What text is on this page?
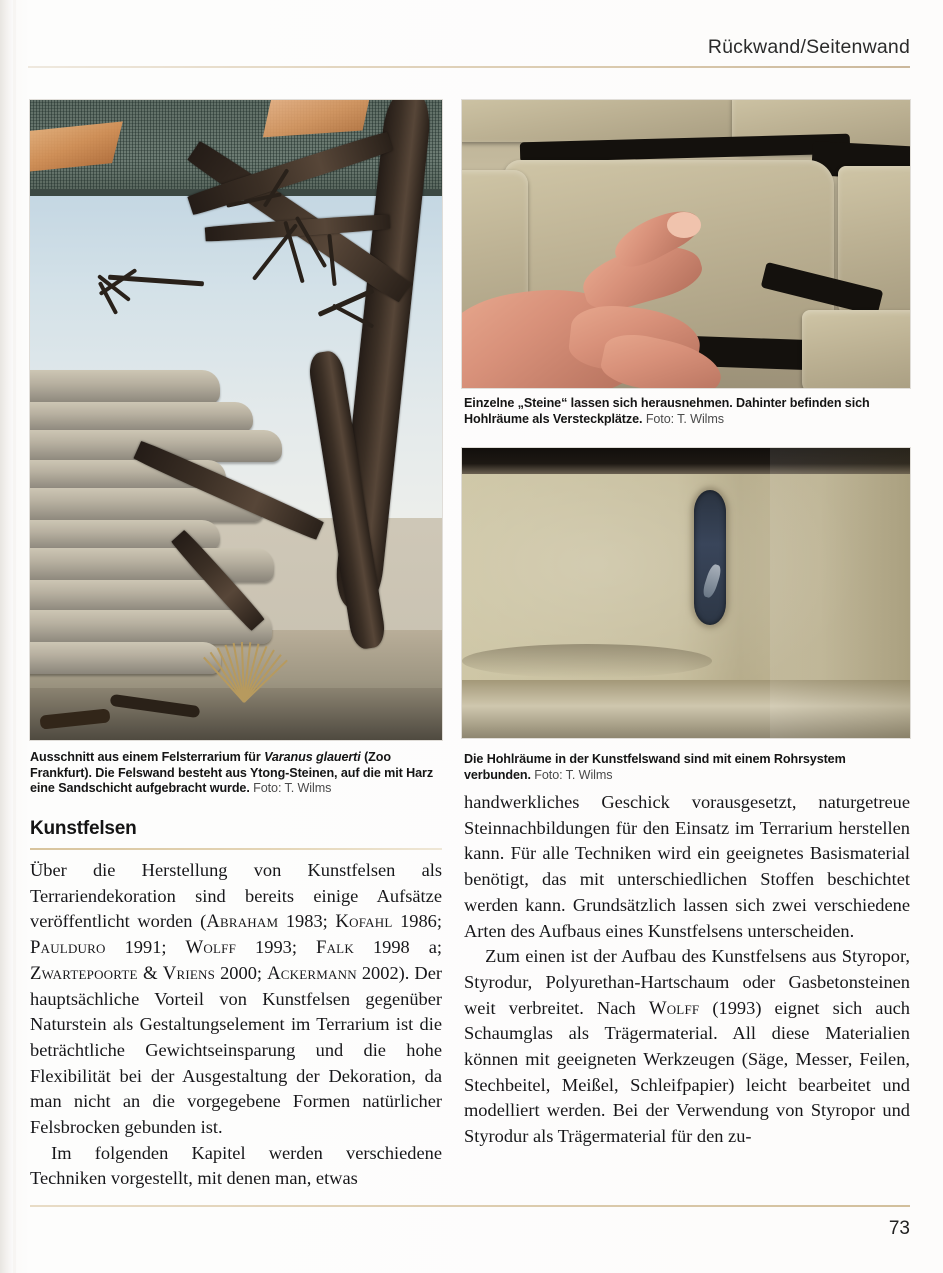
Rückwand/Seitenwand
Einzelne „Steine“ lassen sich herausnehmen. Dahinter befinden sich Hohlräume als Versteckplätze. Foto: T. Wilms
Die Hohlräume in der Kunstfelswand sind mit einem Rohrsystem verbunden. Foto: T. Wilms
Ausschnitt aus einem Felsterrarium für Varanus glauerti (Zoo Frankfurt). Die Felswand besteht aus Ytong-Steinen, auf die mit Harz eine Sandschicht aufgebracht wurde. Foto: T. Wilms
Kunstfelsen

Über die Herstellung von Kunstfelsen als Terrariendekoration sind bereits einige Aufsätze veröffentlicht worden (Abraham 1983; Kofahl 1986; Paulduro 1991; Wolff 1993; Falk 1998 a; Zwartepoorte & Vriens 2000; Ackermann 2002). Der hauptsächliche Vorteil von Kunstfelsen gegenüber Naturstein als Gestaltungselement im Terrarium ist die beträchtliche Gewichtseinsparung und die hohe Flexibilität bei der Ausgestaltung der Dekoration, da man nicht an die vorgegebene Formen natürlicher Felsbrocken gebunden ist.

Im folgenden Kapitel werden verschiedene Techniken vorgestellt, mit denen man, etwas

handwerkliches Geschick vorausgesetzt, naturgetreue Steinnachbildungen für den Einsatz im Terrarium herstellen kann. Für alle Techniken wird ein geeignetes Basismaterial benötigt, das mit unterschiedlichen Stoffen beschichtet werden kann. Grundsätzlich lassen sich zwei verschiedene Arten des Aufbaus eines Kunstfelsens unterscheiden.

Zum einen ist der Aufbau des Kunstfelsens aus Styropor, Styrodur, Polyurethan-Hartschaum oder Gasbetonsteinen weit verbreitet. Nach Wolff (1993) eignet sich auch Schaumglas als Trägermaterial. All diese Materialien können mit geeigneten Werkzeugen (Säge, Messer, Feilen, Stechbeitel, Meißel, Schleifpapier) leicht bearbeitet und modelliert werden. Bei der Verwendung von Styropor und Styrodur als Trägermaterial für den zu-

73
